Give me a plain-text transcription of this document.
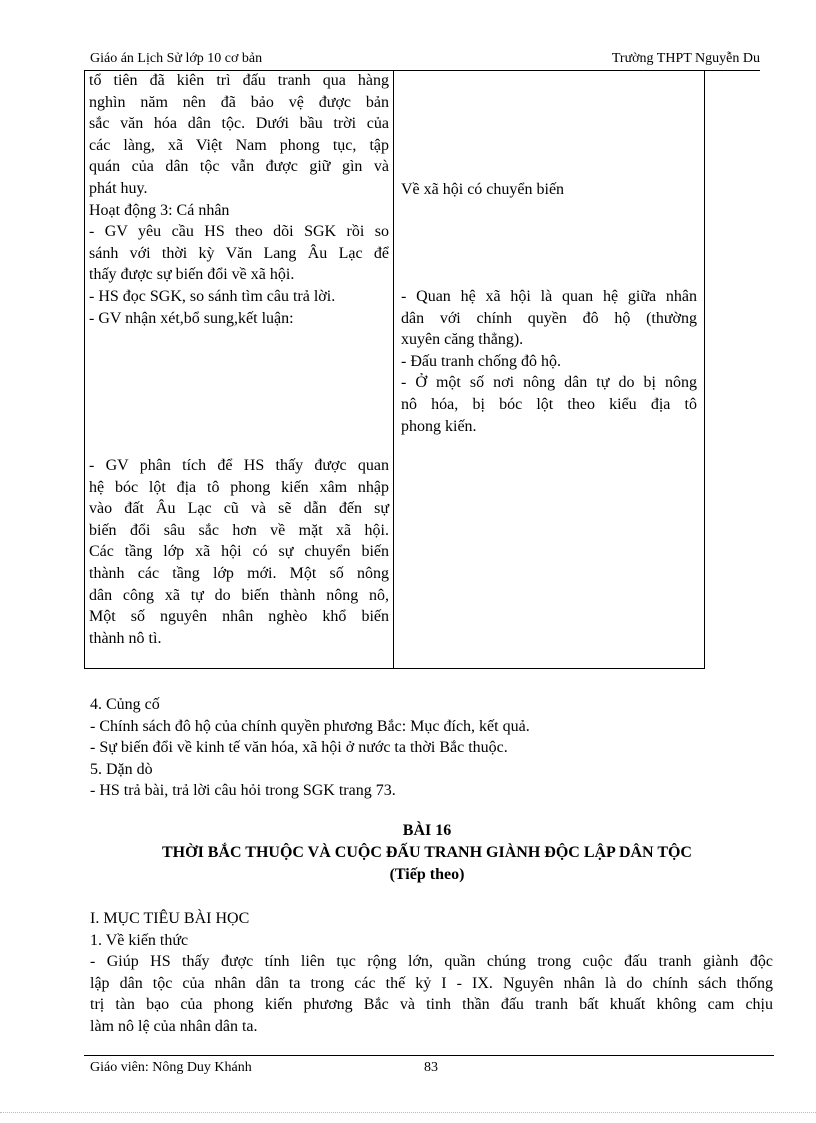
Giáo án Lịch Sử lớp 10 cơ bản	Trường THPT Nguyễn Du
tổ tiên đã kiên trì đấu tranh qua hàng
nghìn năm nên đã bảo vệ được bản
sắc văn hóa dân tộc. Dưới bầu trời của
các làng, xã Việt Nam phong tục, tập
quán của dân tộc vẫn được giữ gìn và
phát huy.
Hoạt động 3: Cá nhân
- GV yêu cầu HS theo dõi SGK rồi so
sánh với thời kỳ Văn Lang Âu Lạc để
thấy được sự biến đổi về xã hội.
- HS đọc SGK, so sánh tìm câu trả lời.
- GV nhận xét,bổ sung,kết luận:
- GV phân tích để HS thấy được quan
hệ bóc lột địa tô phong kiến xâm nhập
vào đất Âu Lạc cũ và sẽ dẫn đến sự
biến đổi sâu sắc hơn về mặt xã hội.
Các tầng lớp xã hội có sự chuyển biến
thành các tầng lớp mới. Một số nông
dân công xã tự do biến thành nông nô,
Một số nguyên nhân nghèo khổ biến
thành nô tì.
Về xã hội có chuyển biến
- Quan hệ xã hội là quan hệ giữa nhân
dân với chính quyền đô hộ (thường
xuyên căng thẳng).
- Đấu tranh chống đô hộ.
- Ở một số nơi nông dân tự do bị nông
nô hóa, bị bóc lột theo kiểu địa tô
phong kiến.
4. Củng cố
- Chính sách đô hộ của chính quyền phương Bắc: Mục đích, kết quả.
- Sự biến đổi về kinh tế văn hóa, xã hội ở nước ta thời Bắc thuộc.
5. Dặn dò
- HS trả bài, trả lời câu hỏi trong SGK trang 73.
BÀI 16
THỜI BẮC THUỘC VÀ CUỘC ĐẤU TRANH GIÀNH ĐỘC LẬP DÂN TỘC
(Tiếp theo)
I. MỤC TIÊU BÀI HỌC
1. Về kiến thức
- Giúp HS thấy được tính liên tục rộng lớn, quần chúng trong cuộc đấu tranh giành độc
lập dân tộc của nhân dân ta trong các thế kỷ I - IX. Nguyên nhân là do chính sách thống
trị tàn bạo của phong kiến phương Bắc và tinh thần đấu tranh bất khuất không cam chịu
làm nô lệ của nhân dân ta.
Giáo viên: Nông Duy Khánh	83
